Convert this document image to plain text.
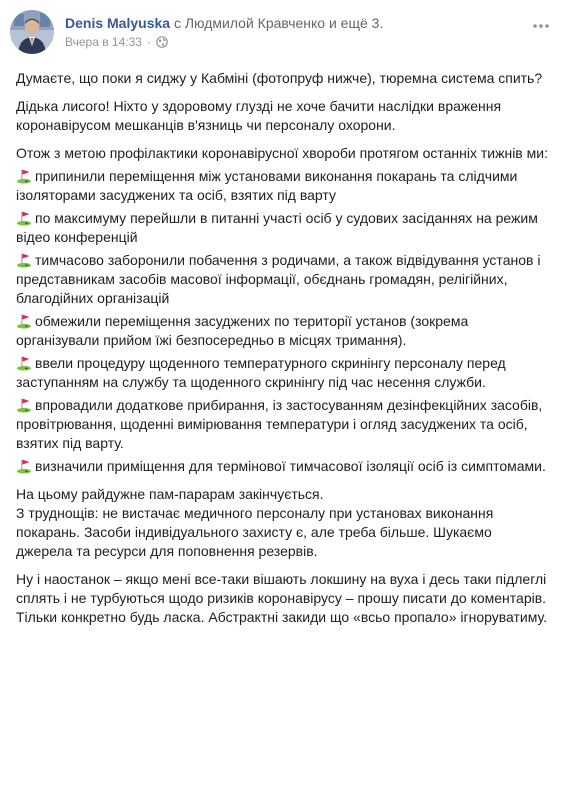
Denis Malyuska с Людмилой Кравченко и ещё 3.
Вчера в 14:33 ·

Думаєте, що поки я сиджу у Кабміні (фотопруф нижче), тюремна система спить?

Дідька лисого! Ніхто у здоровому глузді не хоче бачити наслідки враження коронавірусом мешканців в'язниць чи персоналу охорони.

Отож з метою профілактики коронавірусної хвороби протягом останніх тижнів ми:

припинили переміщення між установами виконання покарань та слідчими ізоляторами засуджених та осіб, взятих під варту
по максимуму перейшли в питанні участі осіб у судових засіданнях на режим відео конференцій
тимчасово заборонили побачення з родичами, а також відвідування установ і представникам засобів масової інформації, обєднань громадян, релігійних, благодійних організацій
обмежили переміщення засуджених по території установ (зокрема організували прийом їжі безпосередньо в місцях тримання).
ввели процедуру щоденного температурного скринінгу персоналу перед заступанням на службу та щоденного скринінгу під час несення служби.
впровадили додаткове прибирання, із застосуванням дезінфекційних засобів, провітрювання, щоденні вимірювання температури і огляд засуджених та осіб, взятих під варту.
визначили приміщення для термінової тимчасової ізоляції осіб із симптомами.

На цьому райдужне пам-парарам закінчується.
З труднощів: не вистачає медичного персоналу при установах виконання покарань. Засоби індивідуального захисту є, але треба більше. Шукаємо джерела та ресурси для поповнення резервів.

Ну і наостанок – якщо мені все-таки вішають локшину на вуха і десь таки підлеглі сплять і не турбуються щодо ризиків коронавірусу – прошу писати до коментарів. Тільки конкретно будь ласка. Абстрактні закиди що «всьо пропало» ігноруватиму.
